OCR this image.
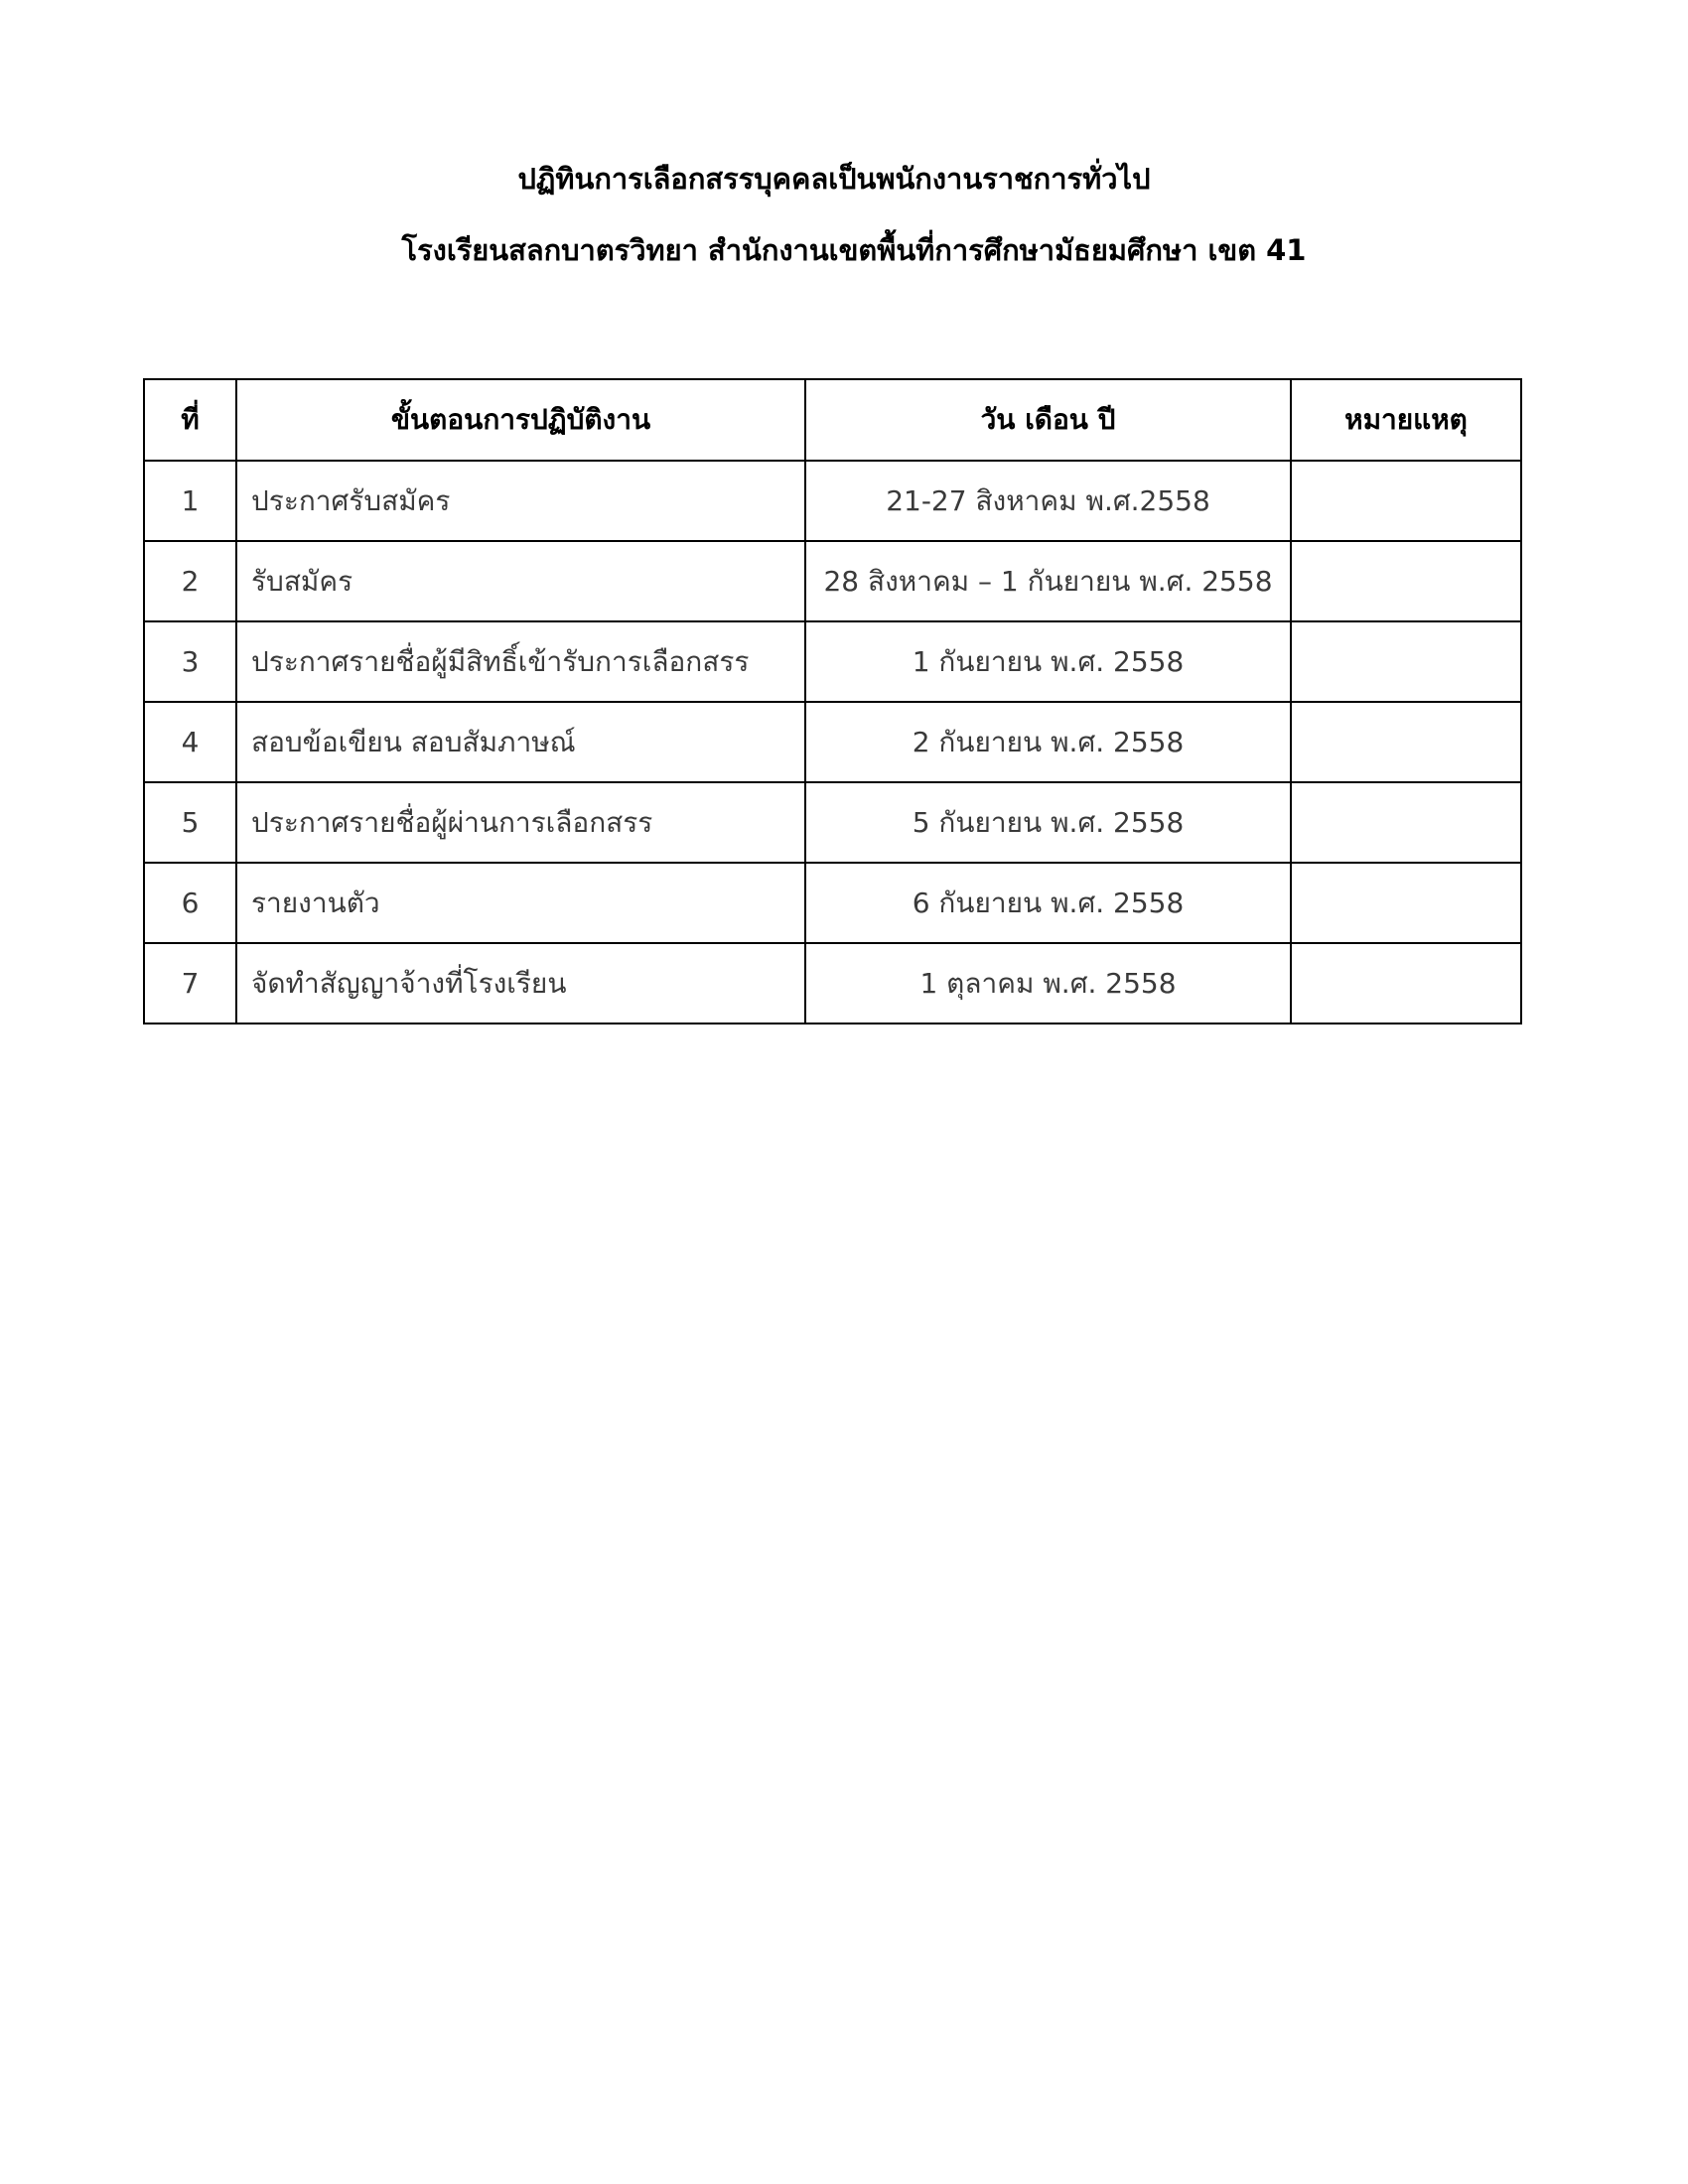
ปฏิทินการเลือกสรรบุคคลเป็นพนักงานราชการทั่วไป
โรงเรียนสลกบาตรวิทยา สำนักงานเขตพื้นที่การศึกษามัธยมศึกษา เขต 41
ที่	ขั้นตอนการปฏิบัติงาน	วัน เดือน ปี	หมายแหตุ
1	ประกาศรับสมัคร	21-27 สิงหาคม พ.ศ.2558	
2	รับสมัคร	28 สิงหาคม – 1 กันยายน พ.ศ. 2558	
3	ประกาศรายชื่อผู้มีสิทธิ์เข้ารับการเลือกสรร	1 กันยายน พ.ศ. 2558	
4	สอบข้อเขียน สอบสัมภาษณ์	2 กันยายน พ.ศ. 2558	
5	ประกาศรายชื่อผู้ผ่านการเลือกสรร	5 กันยายน พ.ศ. 2558	
6	รายงานตัว	6 กันยายน พ.ศ. 2558	
7	จัดทำสัญญาจ้างที่โรงเรียน	1 ตุลาคม พ.ศ. 2558	
